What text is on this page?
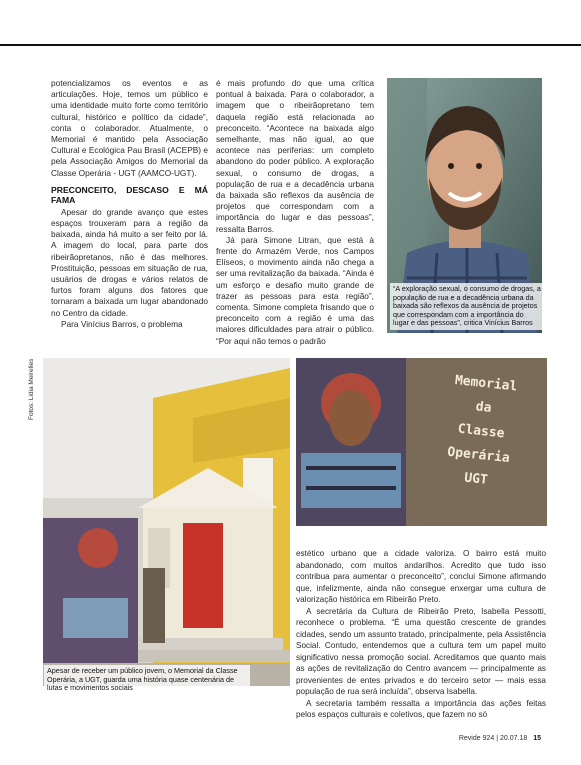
potencializamos os eventos e as articulações. Hoje, temos um público e uma identidade muito forte como território cultural, histórico e político da cidade”, conta o colaborador. Atualmente, o Memorial é mantido pela Associação Cultural e Ecológica Pau Brasil (ACEPB) e pela Associação Amigos do Memorial da Classe Operária - UGT (AAMCO-UGT).

PRECONCEITO, DESCASO E MÁ FAMA

Apesar do grande avanço que estes espaços trouxeram para a região da baixada, ainda há muito a ser feito por lá. A imagem do local, para parte dos ribeirãopretanos, não é das melhores. Prostituição, pessoas em situação de rua, usuários de drogas e vários relatos de furtos foram alguns dos fatores que tornaram a baixada um lugar abandonado no Centro da cidade.

Para Vinícius Barros, o problema

é mais profundo do que uma crítica pontual à baixada. Para o colaborador, a imagem que o ribeirãopretano tem daquela região está relacionada ao preconceito. “Acontece na baixada algo semelhante, mas não igual, ao que acontece nas periferias: um completo abandono do poder público. A exploração sexual, o consumo de drogas, a população de rua e a decadência urbana da baixada são reflexos da ausência de projetos que correspondam com a importância do lugar e das pessoas”, ressalta Barros.

Já para Simone Litran, que está à frente do Armazém Verde, nos Campos Elíseos, o movimento ainda não chega a ser uma revitalização da baixada. “Ainda é um esforço e desafio muito grande de trazer as pessoas para esta região”, comenta. Simone completa frisando que o preconceito com a região é uma das maiores dificuldades para atrair o público. “Por aqui não temos o padrão

“A exploração sexual, o consumo de drogas, a população de rua e a decadência urbana da baixada são reflexos da ausência de projetos que correspondam com a importância do lugar e das pessoas”, critica Vinícius Barros
Fotos: Lidia Meirelles
Apesar de receber um público jovem, o Memorial da Classe Operária, a UGT, guarda uma história quase centenária de lutas e movimentos sociais
Memorial
da
Classe
Operária
UGT

estético urbano que a cidade valoriza. O bairro está muito abandonado, com muitos andarilhos. Acredito que tudo isso contribua para aumentar o preconceito”, conclui Simone afirmando que, infelizmente, ainda não consegue enxergar uma cultura de valorização histórica em Ribeirão Preto.

A secretária da Cultura de Ribeirão Preto, Isabella Pessotti, reconhece o problema. “É uma questão crescente de grandes cidades, sendo um assunto tratado, principalmente, pela Assistência Social. Contudo, entendemos que a cultura tem um papel muito significativo nessa promoção social. Acreditamos que quanto mais as ações de revitalização do Centro avancem — principalmente as provenientes de entes privados e do terceiro setor — mais essa população de rua será incluída”, observa Isabella.

A secretaria também ressalta a importância das ações feitas pelos espaços culturais e coletivos, que fazem no só

Revide 924 | 20.07.18 15
